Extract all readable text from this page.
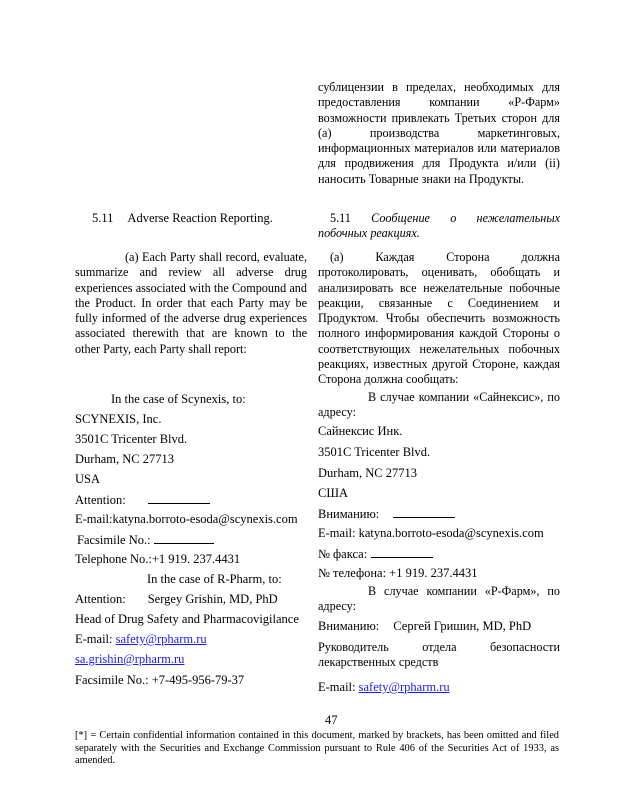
сублицензии в пределах, необходимых для предоставления компании «Р-Фарм» возможности привлекать Третьих сторон для (а) производства маркетинговых, информационных материалов или материалов для продвижения для Продукта и/или (ii) наносить Товарные знаки на Продукты.
5.11 Adverse Reaction Reporting.	5.11 Сообщение о нежелательных побочных реакциях.
(a) Each Party shall record, evaluate, summarize and review all adverse drug experiences associated with the Compound and the Product. In order that each Party may be fully informed of the adverse drug experiences associated therewith that are known to the other Party, each Party shall report:
(а) Каждая Сторона должна протоколировать, оценивать, обобщать и анализировать все нежелательные побочные реакции, связанные с Соединением и Продуктом. Чтобы обеспечить возможность полного информирования каждой Стороны о соответствующих нежелательных побочных реакциях, известных другой Стороне, каждая Сторона должна сообщать:
In the case of Scynexis, to:
SCYNEXIS, Inc.
3501C Tricenter Blvd.
Durham, NC 27713
USA
Attention:
E-mail:katyna.borroto-esoda@scynexis.com
Facsimile No.:
Telephone No.:+1 919. 237.4431
In the case of R-Pharm, to:
Attention: Sergey Grishin, MD, PhD
Head of Drug Safety and Pharmacovigilance
E-mail: safety@rpharm.ru
sa.grishin@rpharm.ru
Facsimile No.: +7-495-956-79-37
В случае компании «Сайнексис», по адресу:
Сайнексис Инк.
3501C Tricenter Blvd.
Durham, NC 27713
США
Вниманию:
E-mail: katyna.borroto-esoda@scynexis.com
№ факса:
№ телефона: +1 919. 237.4431
В случае компании «Р-Фарм», по адресу:
Вниманию: Сергей Гришин, MD, PhD
Руководитель отдела безопасности лекарственных средств
E-mail: safety@rpharm.ru
47
[*] = Certain confidential information contained in this document, marked by brackets, has been omitted and filed separately with the Securities and Exchange Commission pursuant to Rule 406 of the Securities Act of 1933, as amended.
